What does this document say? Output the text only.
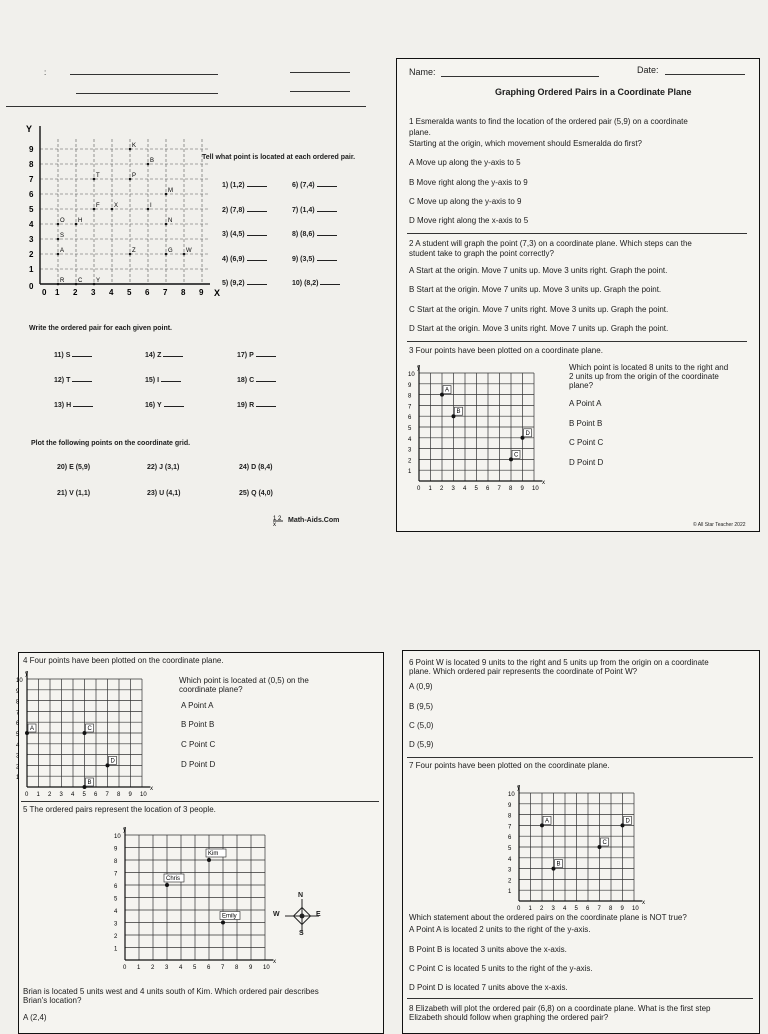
:
Y
X
9
8
7
6
5
4
3
2
1
0
0 1 2 3 4 5 6 7 8 9
K
B
T	P
M
F X	I
O H	N
S
A	Z	G W
R C Y
Tell what point is located at each ordered pair.
1) (1,2)	6) (7,4)
2) (7,8)	7) (1,4)
3) (4,5)	8) (8,6)
4) (6,9)	9) (3,5)
5) (9,2)	10) (8,2)
Write the ordered pair for each given point.
11) S	14) Z	17) P
12) T	15) I	18) C
13) H	16) Y	19) R
Plot the following points on the coordinate grid.
20) E (5,9)	22) J (3,1)	24) D (8,4)
21) V (1,1)	23) U (4,1)	25) Q (4,0)
1 2
x
Math-Aids.Com
Name:	Date:
Graphing Ordered Pairs in a Coordinate Plane
1 Esmeralda wants to find the location of the ordered pair (5,9) on a coordinate
plane.
Starting at the origin, which movement should Esmeralda do first?
A Move up along the y-axis to 5
B Move right along the y-axis to 9
C Move up along the y-axis to 9
D Move right along the x-axis to 5
2 A student will graph the point (7,3) on a coordinate plane. Which steps can the
student take to graph the point correctly?
A Start at the origin. Move 7 units up. Move 3 units right. Graph the point.
B Start at the origin. Move 7 units up. Move 3 units up. Graph the point.
C Start at the origin. Move 7 units right. Move 3 units up. Graph the point.
D Start at the origin. Move 3 units right. Move 7 units up. Graph the point.
3 Four points have been plotted on a coordinate plane.
x
y
10
9
8
7
6
5
4
3
2
1
0 1 2 3 4 5 6 7 8 9 10
A
B
C
D
Which point is located 8 units to the right and
2 units up from the origin of the coordinate
plane?
A Point A
B Point B
C Point C
D Point D
© All Star Teacher 2022
4 Four points have been plotted on the coordinate plane.
x
y
10
9
8
7
6
5
4
3
2
1
0 1 2 3 4 5 6 7 8 9 10
A
B
C
D
Which point is located at (0,5) on the
coordinate plane?
A Point A
B Point B
C Point C
D Point D
5 The ordered pairs represent the location of 3 people.
x
y
10
9
8
7
6
5
4
3
2
1
0 1 2 3 4 5 6 7 8 9 10
Kim
Chris
Emily
N
S
W	E
Brian is located 5 units west and 4 units south of Kim. Which ordered pair describes
Brian's location?
A (2,4)
6 Point W is located 9 units to the right and 5 units up from the origin on a coordinate
plane. Which ordered pair represents the coordinate of Point W?
A (0,9)
B (9,5)
C (5,0)
D (5,9)
7 Four points have been plotted on the coordinate plane.
x
y
10
9
8
7
6
5
4
3
2
1
0 1 2 3 4 5 6 7 8 9 10
A
B
C
D
Which statement about the ordered pairs on the coordinate plane is NOT true?
A Point A is located 2 units to the right of the y-axis.
B Point B is located 3 units above the x-axis.
C Point C is located 5 units to the right of the y-axis.
D Point D is located 7 units above the x-axis.
8 Elizabeth will plot the ordered pair (6,8) on a coordinate plane. What is the first step
Elizabeth should follow when graphing the ordered pair?
